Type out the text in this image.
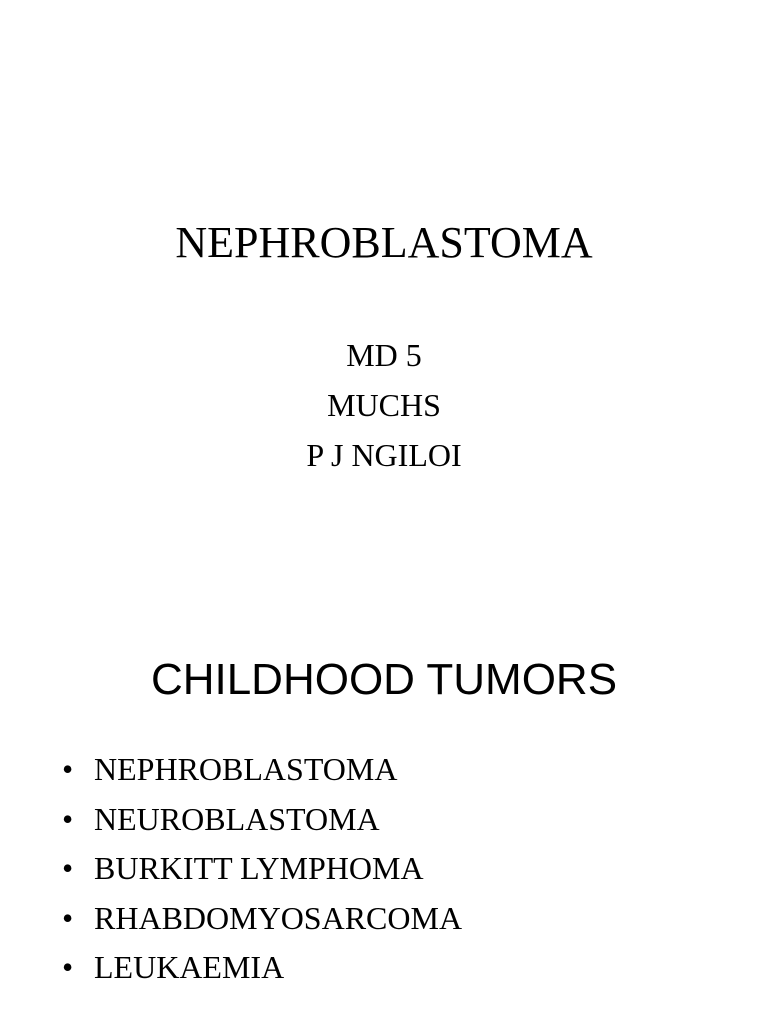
NEPHROBLASTOMA
MD 5
MUCHS
P J NGILOI
CHILDHOOD TUMORS
• NEPHROBLASTOMA
• NEUROBLASTOMA
• BURKITT LYMPHOMA
• RHABDOMYOSARCOMA
• LEUKAEMIA
